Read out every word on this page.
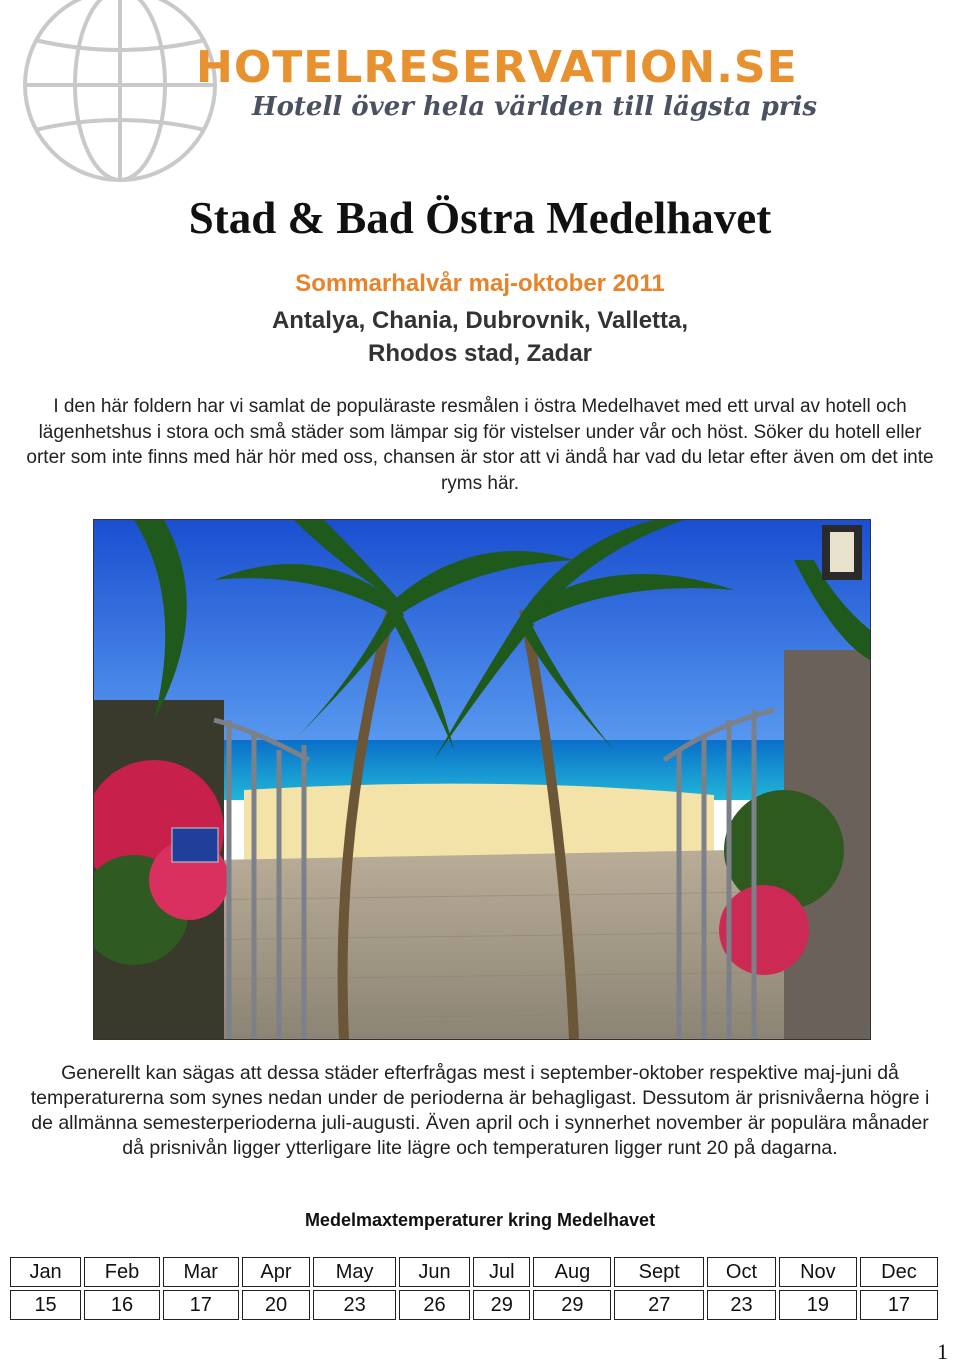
HOTELRESERVATION.SE
Hotell över hela världen till lägsta pris
Stad & Bad Östra Medelhavet
Sommarhalvår maj-oktober 2011
Antalya, Chania, Dubrovnik, Valletta,
Rhodos stad, Zadar
I den här foldern har vi samlat de populäraste resmålen i östra Medelhavet med ett urval av hotell och lägenhetshus i stora och små städer som lämpar sig för vistelser under vår och höst. Söker du hotell eller orter som inte finns med här hör med oss, chansen är stor att vi ändå har vad du letar efter även om det inte ryms här.
Generellt kan sägas att dessa städer efterfrågas mest i september-oktober respektive maj-juni då temperaturerna som synes nedan under de perioderna är behagligast. Dessutom är prisnivåerna högre i de allmänna semesterperioderna juli-augusti. Även april och i synnerhet november är populära månader då prisnivån ligger ytterligare lite lägre och temperaturen ligger runt 20 på dagarna.
Medelmaxtemperaturer kring Medelhavet
Jan	Feb	Mar	Apr	May	Jun	Jul	Aug	Sept	Oct	Nov	Dec
15	16	17	20	23	26	29	29	27	23	19	17
1
